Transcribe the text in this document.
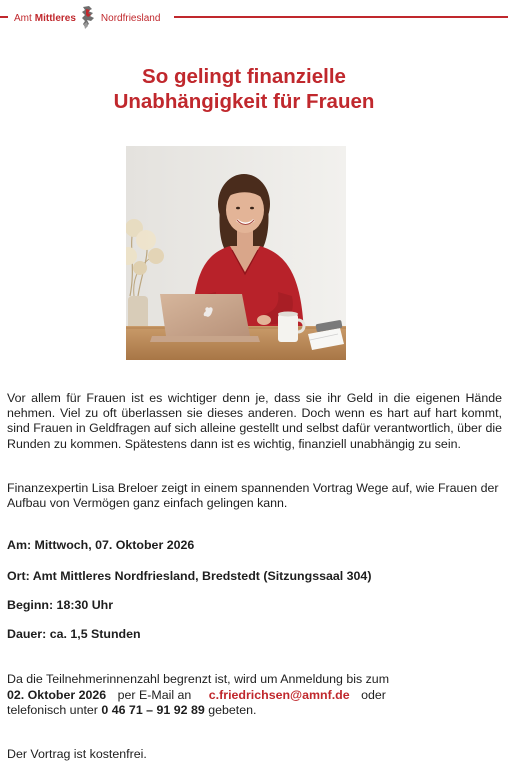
Amt Mittleres	Nordfriesland
So gelingt finanzielle
Unabhängigkeit für Frauen
Vor allem für Frauen ist es wichtiger denn je, dass sie ihr Geld in die eigenen Hände nehmen. Viel zu oft überlassen sie dieses anderen. Doch wenn es hart auf hart kommt, sind Frauen in Geldfragen auf sich alleine gestellt und selbst dafür verantwortlich, über die Runden zu kommen. Spätestens dann ist es wichtig, finanziell unabhängig zu sein.
Finanzexpertin Lisa Breloer zeigt in einem spannenden Vortrag Wege auf, wie Frauen der Aufbau von Vermögen ganz einfach gelingen kann.
Am: Mittwoch, 07. Oktober 2026
Ort: Amt Mittleres Nordfriesland, Bredstedt (Sitzungssaal 304)
Beginn: 18:30 Uhr
Dauer: ca. 1,5 Stunden
Da die Teilnehmerinnenzahl begrenzt ist, wird um Anmeldung bis zum
02. Oktober 2026 per E-Mail an c.friedrichsen@amnf.de oder
telefonisch unter 0 46 71 – 91 92 89 gebeten.
Der Vortrag ist kostenfrei.
